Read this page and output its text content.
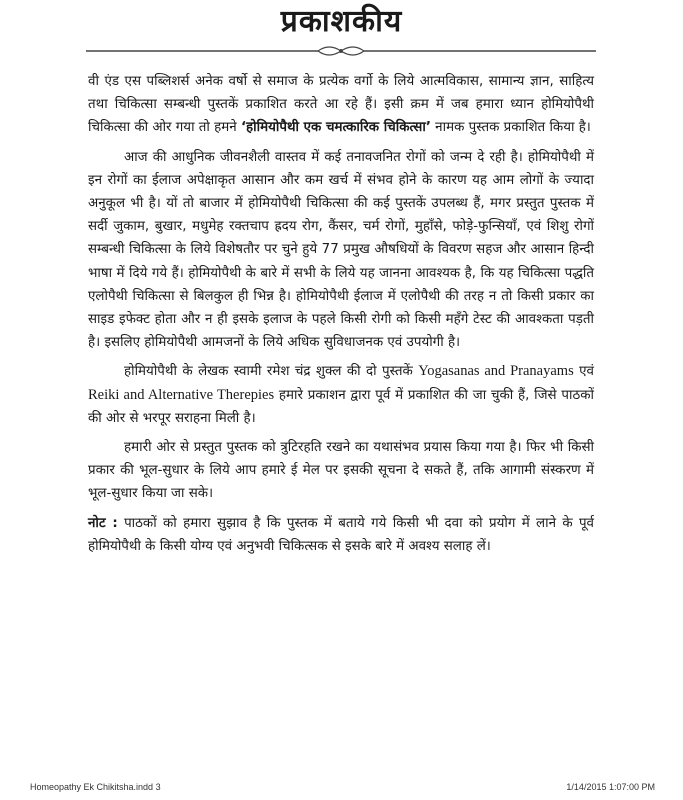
प्रकाशकीय

वी एंड एस पब्लिशर्स अनेक वर्षो से समाज के प्रत्येक वर्गो के लिये आत्मविकास, सामान्य ज्ञान, साहित्य तथा चिकित्सा सम्बन्धी पुस्तकें प्रकाशित करते आ रहे हैं। इसी क्रम में जब हमारा ध्यान होमियोपैथी चिकित्सा की ओर गया तो हमने ‘होमियोपैथी एक चमत्कारिक चिकित्सा’ नामक पुस्तक प्रकाशित किया है।

आज की आधुनिक जीवनशैली वास्तव में कई तनावजनित रोगों को जन्म दे रही है। होमियोपैथी में इन रोगों का ईलाज अपेक्षाकृत आसान और कम खर्च में संभव होने के कारण यह आम लोगों के ज्यादा अनुकूल भी है। यों तो बाजार में होमियोपैथी चिकित्सा की कई पुस्तकें उपलब्ध हैं, मगर प्रस्तुत पुस्तक में सर्दी जुकाम, बुखार, मधुमेह रक्तचाप ह्रदय रोग, कैंसर, चर्म रोगों, मुहाँसे, फोड़े-फुन्सियाँ, एवं शिशु रोगों सम्बन्धी चिकित्सा के लिये विशेषतौर पर चुने हुये 77 प्रमुख औषधियों के विवरण सहज और आसान हिन्दी भाषा में दिये गये हैं। होमियोपैथी के बारे में सभी के लिये यह जानना आवश्यक है, कि यह चिकित्सा पद्धति एलोपैथी चिकित्सा से बिलकुल ही भिन्न है। होमियोपैथी ईलाज में एलोपैथी की तरह न तो किसी प्रकार का साइड इफेक्ट होता और न ही इसके इलाज के पहले किसी रोगी को किसी महँगे टेस्ट की आवश्कता पड़ती है। इसलिए होमियोपैथी आमजनों के लिये अधिक सुविधाजनक एवं उपयोगी है।

होमियोपैथी के लेखक स्वामी रमेश चंद्र शुक्ल की दो पुस्तकें Yogasanas and Pranayams एवं Reiki and Alternative Therepies हमारे प्रकाशन द्वारा पूर्व में प्रकाशित की जा चुकी हैं, जिसे पाठकों की ओर से भरपूर सराहना मिली है।

हमारी ओर से प्रस्तुत पुस्तक को त्रुटिरहति रखने का यथासंभव प्रयास किया गया है। फिर भी किसी प्रकार की भूल-सुधार के लिये आप हमारे ई मेल पर इसकी सूचना दे सकते हैं, तकि आगामी संस्करण में भूल-सुधार किया जा सके।

नोट : पाठकों को हमारा सुझाव है कि पुस्तक में बताये गये किसी भी दवा को प्रयोग में लाने के पूर्व होमियोपैथी के किसी योग्य एवं अनुभवी चिकित्सक से इसके बारे में अवश्य सलाह लें।

Homeopathy Ek Chikitsha.indd 3	1/14/2015 1:07:00 PM
